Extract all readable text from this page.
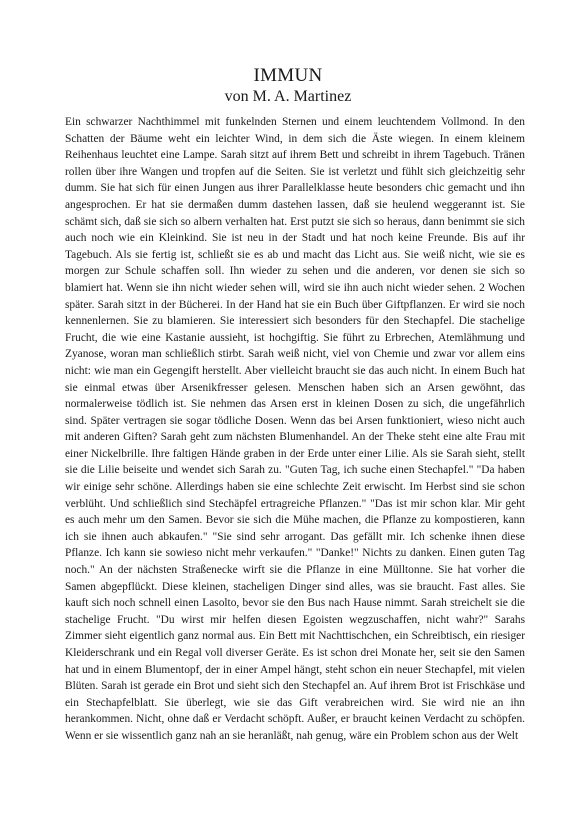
IMMUN
von M. A. Martinez

Ein schwarzer Nachthimmel mit funkelnden Sternen und einem leuchtendem Vollmond. In den Schatten der Bäume weht ein leichter Wind, in dem sich die Äste wiegen. In einem kleinem Reihenhaus leuchtet eine Lampe. Sarah sitzt auf ihrem Bett und schreibt in ihrem Tagebuch. Tränen rollen über ihre Wangen und tropfen auf die Seiten. Sie ist verletzt und fühlt sich gleichzeitig sehr dumm. Sie hat sich für einen Jungen aus ihrer Parallelklasse heute besonders chic gemacht und ihn angesprochen. Er hat sie dermaßen dumm dastehen lassen, daß sie heulend weggerannt ist. Sie schämt sich, daß sie sich so albern verhalten hat. Erst putzt sie sich so heraus, dann benimmt sie sich auch noch wie ein Kleinkind. Sie ist neu in der Stadt und hat noch keine Freunde. Bis auf ihr Tagebuch. Als sie fertig ist, schließt sie es ab und macht das Licht aus. Sie weiß nicht, wie sie es morgen zur Schule schaffen soll. Ihn wieder zu sehen und die anderen, vor denen sie sich so blamiert hat. Wenn sie ihn nicht wieder sehen will, wird sie ihn auch nicht wieder sehen. 2 Wochen später. Sarah sitzt in der Bücherei. In der Hand hat sie ein Buch über Giftpflanzen. Er wird sie noch kennenlernen. Sie zu blamieren. Sie interessiert sich besonders für den Stechapfel. Die stachelige Frucht, die wie eine Kastanie aussieht, ist hochgiftig. Sie führt zu Erbrechen, Atemlähmung und Zyanose, woran man schließlich stirbt. Sarah weiß nicht, viel von Chemie und zwar vor allem eins nicht: wie man ein Gegengift herstellt. Aber vielleicht braucht sie das auch nicht. In einem Buch hat sie einmal etwas über Arsenikfresser gelesen. Menschen haben sich an Arsen gewöhnt, das normalerweise tödlich ist. Sie nehmen das Arsen erst in kleinen Dosen zu sich, die ungefährlich sind. Später vertragen sie sogar tödliche Dosen. Wenn das bei Arsen funktioniert, wieso nicht auch mit anderen Giften? Sarah geht zum nächsten Blumenhandel. An der Theke steht eine alte Frau mit einer Nickelbrille. Ihre faltigen Hände graben in der Erde unter einer Lilie. Als sie Sarah sieht, stellt sie die Lilie beiseite und wendet sich Sarah zu. "Guten Tag, ich suche einen Stechapfel." "Da haben wir einige sehr schöne. Allerdings haben sie eine schlechte Zeit erwischt. Im Herbst sind sie schon verblüht. Und schließlich sind Stechäpfel ertragreiche Pflanzen." "Das ist mir schon klar. Mir geht es auch mehr um den Samen. Bevor sie sich die Mühe machen, die Pflanze zu kompostieren, kann ich sie ihnen auch abkaufen." "Sie sind sehr arrogant. Das gefällt mir. Ich schenke ihnen diese Pflanze. Ich kann sie sowieso nicht mehr verkaufen." "Danke!" Nichts zu danken. Einen guten Tag noch." An der nächsten Straßenecke wirft sie die Pflanze in eine Mülltonne. Sie hat vorher die Samen abgepflückt. Diese kleinen, stacheligen Dinger sind alles, was sie braucht. Fast alles. Sie kauft sich noch schnell einen Lasolto, bevor sie den Bus nach Hause nimmt. Sarah streichelt sie die stachelige Frucht. "Du wirst mir helfen diesen Egoisten wegzuschaffen, nicht wahr?" Sarahs Zimmer sieht eigentlich ganz normal aus. Ein Bett mit Nachttischchen, ein Schreibtisch, ein riesiger Kleiderschrank und ein Regal voll diverser Geräte. Es ist schon drei Monate her, seit sie den Samen hat und in einem Blumentopf, der in einer Ampel hängt, steht schon ein neuer Stechapfel, mit vielen Blüten. Sarah ist gerade ein Brot und sieht sich den Stechapfel an. Auf ihrem Brot ist Frischkäse und ein Stechapfelblatt. Sie überlegt, wie sie das Gift verabreichen wird. Sie wird nie an ihn herankommen. Nicht, ohne daß er Verdacht schöpft. Außer, er braucht keinen Verdacht zu schöpfen. Wenn er sie wissentlich ganz nah an sie heranläßt, nah genug, wäre ein Problem schon aus der Welt
